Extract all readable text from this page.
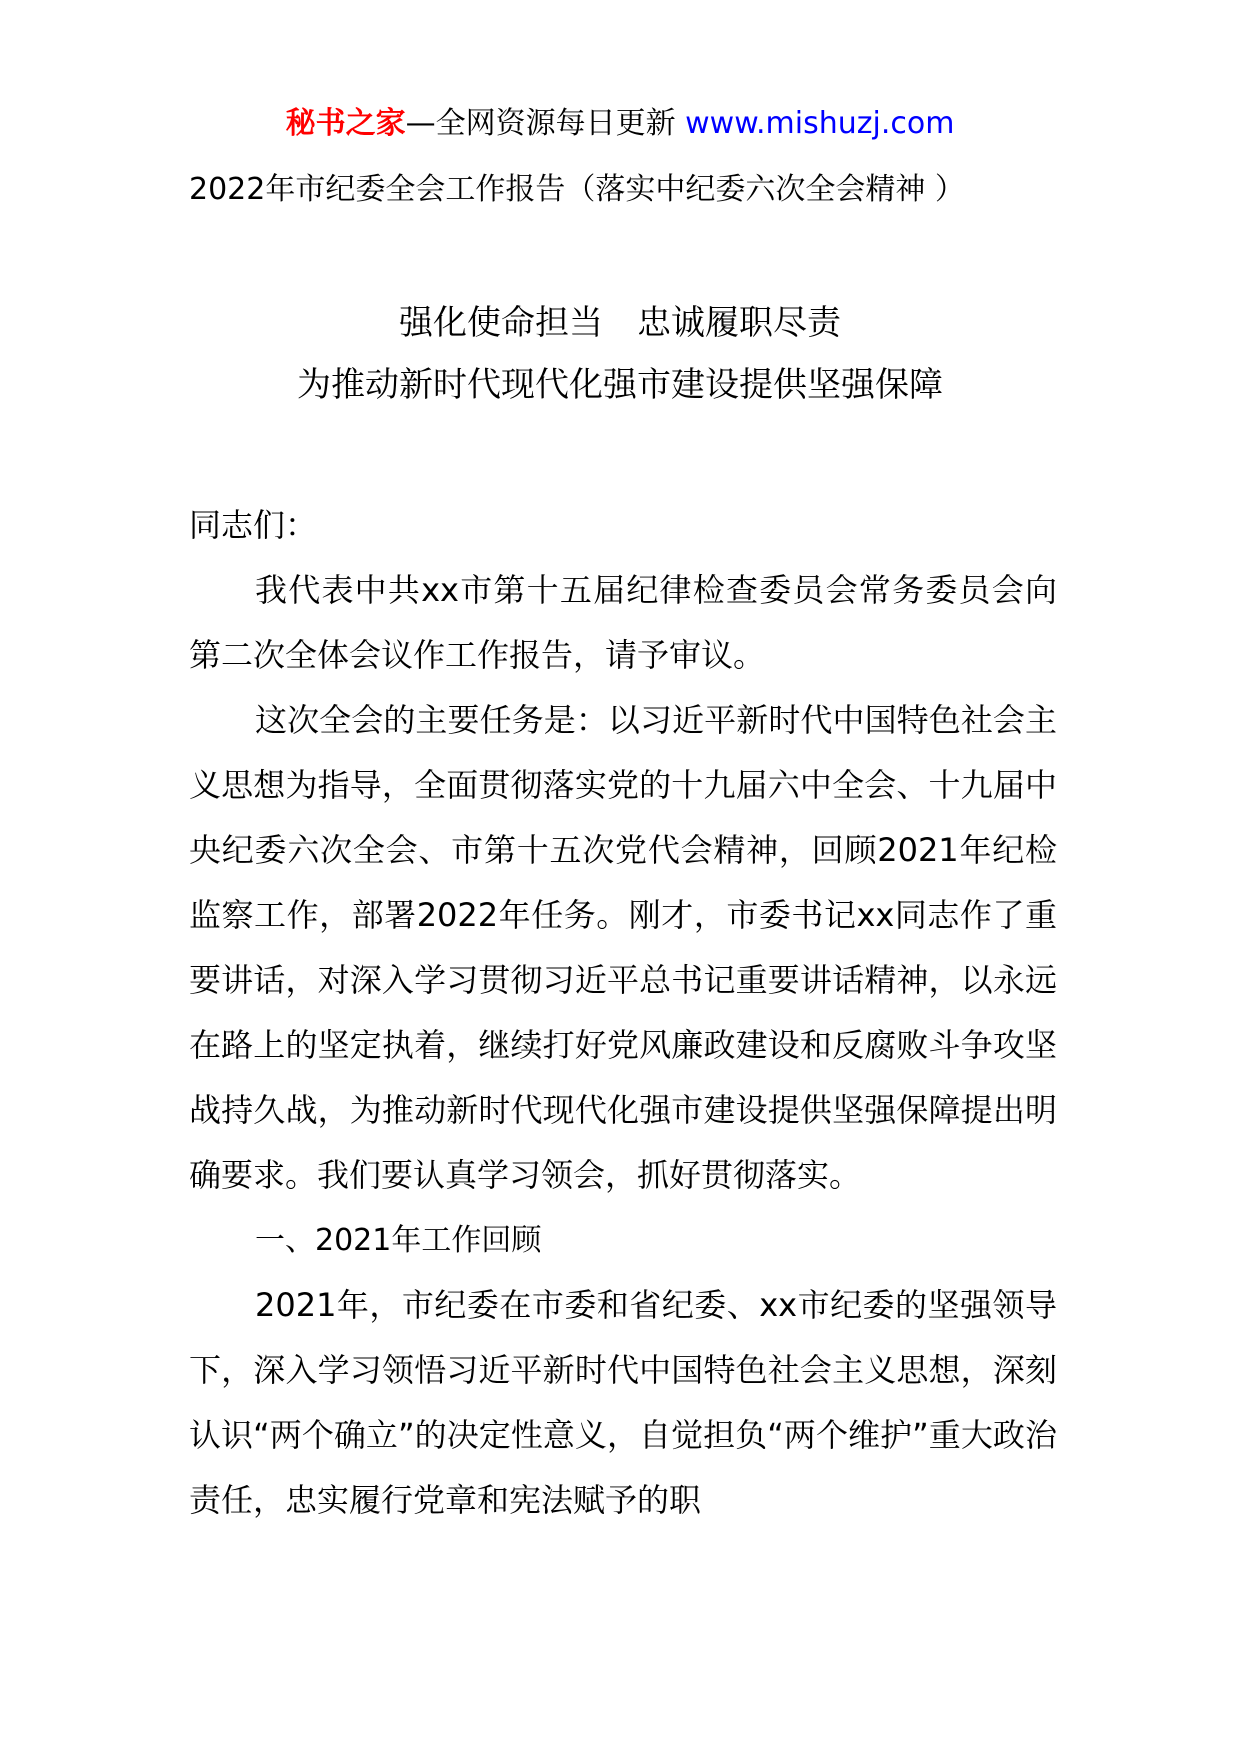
秘书之家—全网资源每日更新 www.mishuzj.com
2022年市纪委全会工作报告（落实中纪委六次全会精神 ）
强化使命担当　忠诚履职尽责
为推动新时代现代化强市建设提供坚强保障

同志们：

我代表中共xx市第十五届纪律检查委员会常务委员会向第二次全体会议作工作报告，请予审议。

这次全会的主要任务是：以习近平新时代中国特色社会主义思想为指导，全面贯彻落实党的十九届六中全会、十九届中央纪委六次全会、市第十五次党代会精神，回顾2021年纪检监察工作，部署2022年任务。刚才，市委书记xx同志作了重要讲话，对深入学习贯彻习近平总书记重要讲话精神，以永远在路上的坚定执着，继续打好党风廉政建设和反腐败斗争攻坚战持久战，为推动新时代现代化强市建设提供坚强保障提出明确要求。我们要认真学习领会，抓好贯彻落实。

一、2021年工作回顾

2021年，市纪委在市委和省纪委、xx市纪委的坚强领导下，深入学习领悟习近平新时代中国特色社会主义思想，深刻认识“两个确立”的决定性意义，自觉担负“两个维护”重大政治责任，忠实履行党章和宪法赋予的职
